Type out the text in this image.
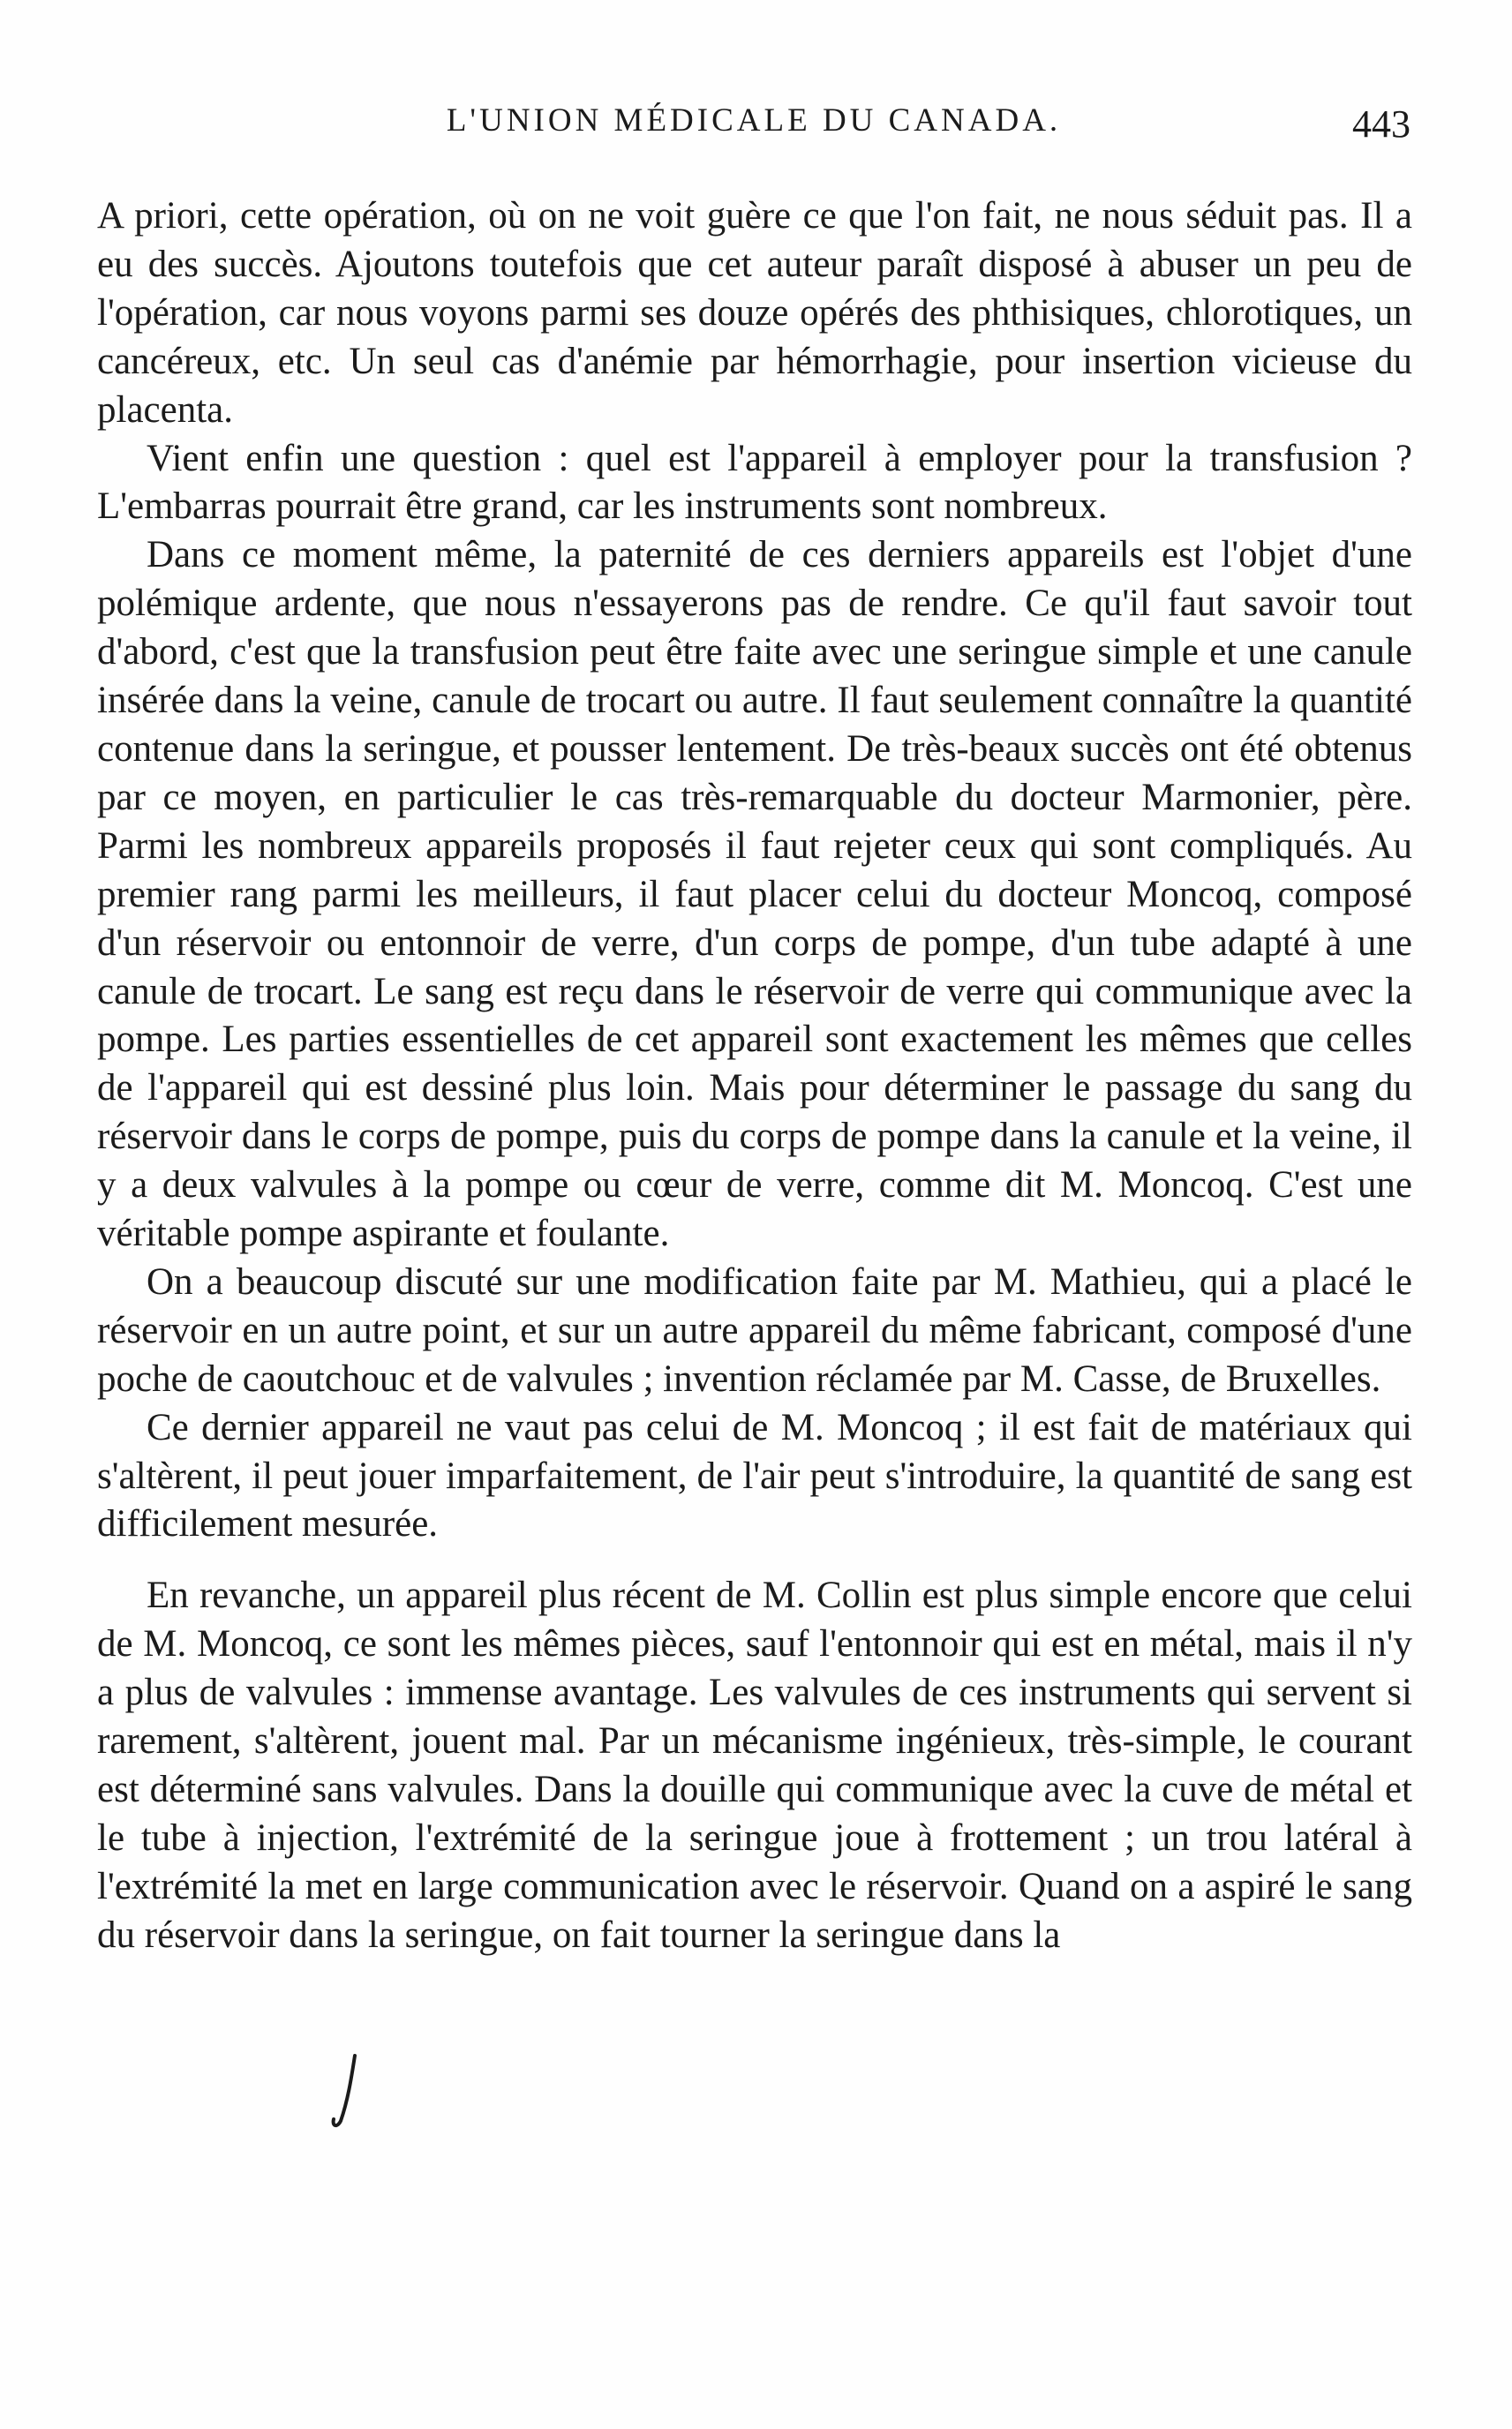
L'UNION MÉDICALE DU CANADA.	443

A priori, cette opération, où on ne voit guère ce que l'on fait, ne nous séduit pas. Il a eu des succès. Ajoutons toutefois que cet auteur paraît disposé à abuser un peu de l'opération, car nous voyons parmi ses douze opérés des phthisiques, chlorotiques, un cancéreux, etc. Un seul cas d'anémie par hémorrhagie, pour insertion vicieuse du placenta.

Vient enfin une question : quel est l'appareil à employer pour la transfusion ? L'embarras pourrait être grand, car les instruments sont nombreux.

Dans ce moment même, la paternité de ces derniers appareils est l'objet d'une polémique ardente, que nous n'essayerons pas de rendre. Ce qu'il faut savoir tout d'abord, c'est que la transfusion peut être faite avec une seringue simple et une canule insérée dans la veine, canule de trocart ou autre. Il faut seulement connaître la quantité contenue dans la seringue, et pousser lentement. De très-beaux succès ont été obtenus par ce moyen, en particulier le cas très-remarquable du docteur Marmonier, père. Parmi les nombreux appareils proposés il faut rejeter ceux qui sont compliqués. Au premier rang parmi les meilleurs, il faut placer celui du docteur Moncoq, composé d'un réservoir ou entonnoir de verre, d'un corps de pompe, d'un tube adapté à une canule de trocart. Le sang est reçu dans le réservoir de verre qui communique avec la pompe. Les parties essentielles de cet appareil sont exactement les mêmes que celles de l'appareil qui est dessiné plus loin. Mais pour déterminer le passage du sang du réservoir dans le corps de pompe, puis du corps de pompe dans la canule et la veine, il y a deux valvules à la pompe ou cœur de verre, comme dit M. Moncoq. C'est une véritable pompe aspirante et foulante.

On a beaucoup discuté sur une modification faite par M. Mathieu, qui a placé le réservoir en un autre point, et sur un autre appareil du même fabricant, composé d'une poche de caoutchouc et de valvules ; invention réclamée par M. Casse, de Bruxelles.

Ce dernier appareil ne vaut pas celui de M. Moncoq ; il est fait de matériaux qui s'altèrent, il peut jouer imparfaitement, de l'air peut s'introduire, la quantité de sang est difficilement mesurée.

En revanche, un appareil plus récent de M. Collin est plus simple encore que celui de M. Moncoq, ce sont les mêmes pièces, sauf l'entonnoir qui est en métal, mais il n'y a plus de valvules : immense avantage. Les valvules de ces instruments qui servent si rarement, s'altèrent, jouent mal. Par un mécanisme ingénieux, très-simple, le courant est déterminé sans valvules. Dans la douille qui communique avec la cuve de métal et le tube à injection, l'extrémité de la seringue joue à frottement ; un trou latéral à l'extrémité la met en large communication avec le réservoir. Quand on a aspiré le sang du réservoir dans la seringue, on fait tourner la seringue dans la
